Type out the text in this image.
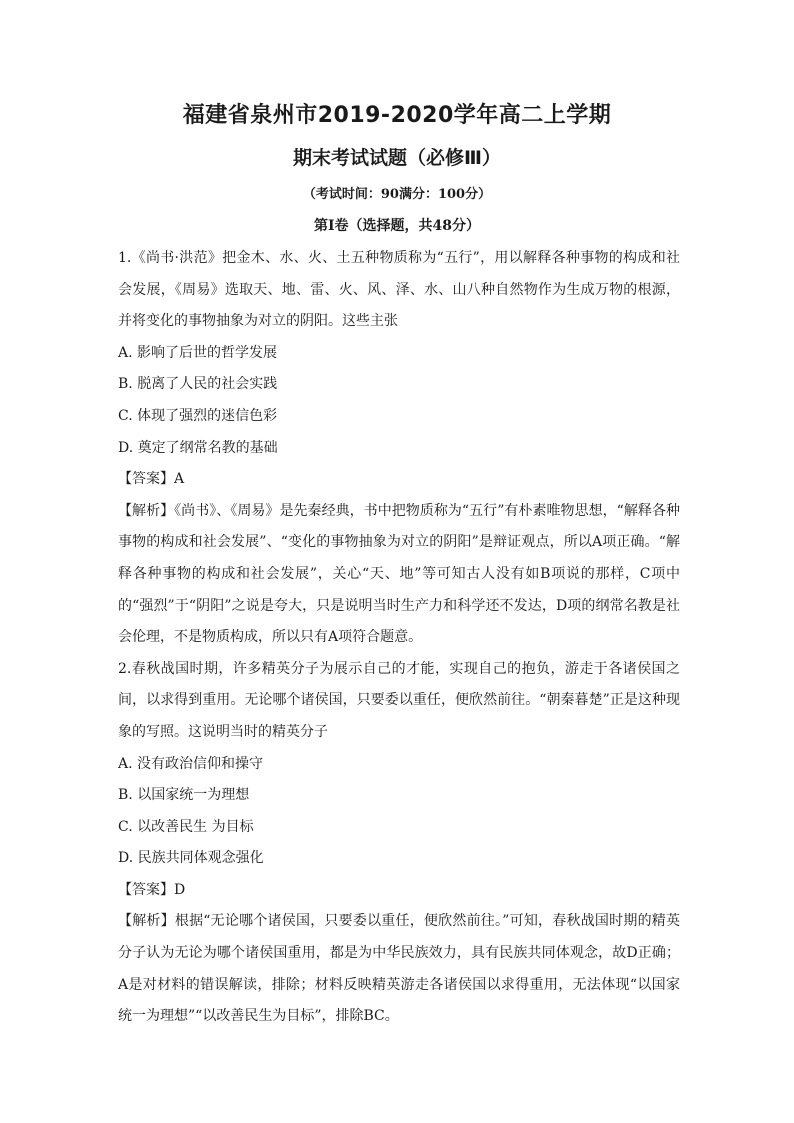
福建省泉州市2019-2020学年高二上学期
期末考试试题（必修Ⅲ）
（考试时间：90满分：100分）
第Ⅰ卷（选择题，共48分）

1.《尚书·洪范》把金木、水、火、土五种物质称为“五行”，用以解释各种事物的构成和社会发展，《周易》选取天、地、雷、火、风、泽、水、山八种自然物作为生成万物的根源，并将变化的事物抽象为对立的阴阳。这些主张

A. 影响了后世的哲学发展

B. 脱离了人民的社会实践

C. 体现了强烈的迷信色彩

D. 奠定了纲常名教的基础

【答案】A

【解析】《尚书》、《周易》是先秦经典，书中把物质称为“五行”有朴素唯物思想，“解释各种事物的构成和社会发展”、“变化的事物抽象为对立的阴阳”是辩证观点，所以A项正确。“解释各种事物的构成和社会发展”，关心“天、地”等可知古人没有如B项说的那样，C项中的“强烈”于“阴阳”之说是夸大，只是说明当时生产力和科学还不发达，D项的纲常名教是社会伦理，不是物质构成，所以只有A项符合题意。

2.春秋战国时期，许多精英分子为展示自己的才能，实现自己的抱负，游走于各诸侯国之间，以求得到重用。无论哪个诸侯国，只要委以重任，便欣然前往。“朝秦暮楚”正是这种现象的写照。这说明当时的精英分子

A. 没有政治信仰和操守

B. 以国家统一为理想

C. 以改善民生 为目标

D. 民族共同体观念强化

【答案】D

【解析】根据“无论哪个诸侯国，只要委以重任，便欣然前往。”可知，春秋战国时期的精英分子认为无论为哪个诸侯国重用，都是为中华民族效力，具有民族共同体观念，故D正确；A是对材料的错误解读，排除；材料反映精英游走各诸侯国以求得重用，无法体现“以国家统一为理想”“以改善民生为目标”，排除BC。
